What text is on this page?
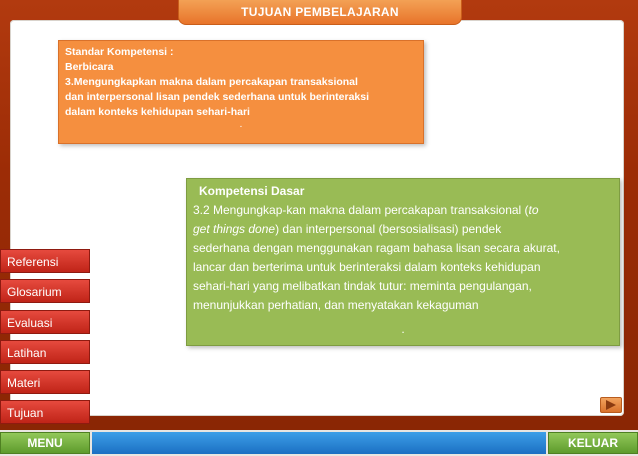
TUJUAN PEMBELAJARAN
Standar Kompetensi :
Berbicara
3.Mengungkapkan makna dalam percakapan transaksional
dan interpersonal lisan pendek sederhana untuk berinteraksi
dalam konteks kehidupan sehari-hari
.
Kompetensi Dasar
3.2 Mengungkap-kan makna dalam percakapan transaksional (to
get things done) dan interpersonal (bersosialisasi) pendek
sederhana dengan menggunakan ragam bahasa lisan secara akurat,
lancar dan berterima untuk berinteraksi dalam konteks kehidupan
sehari-hari yang melibatkan tindak tutur: meminta pengulangan,
menunjukkan perhatian, dan menyatakan kekaguman
.
Referensi
Glosarium
Evaluasi
Latihan
Materi
Tujuan
MENU	KELUAR
